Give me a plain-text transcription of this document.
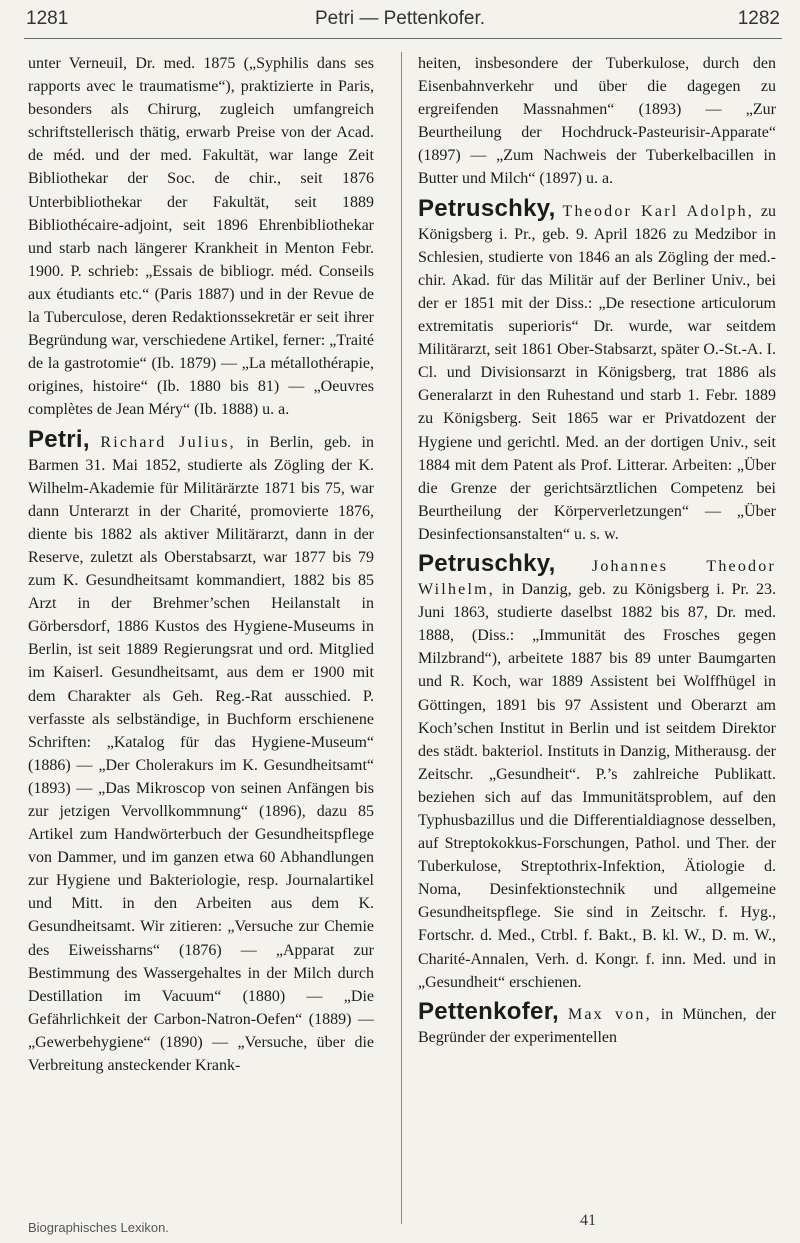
1281	Petri — Pettenkofer.	1282

unter Verneuil, Dr. med. 1875 („Syphilis dans ses rapports avec le traumatisme“), praktizierte in Paris, besonders als Chirurg, zugleich umfangreich schriftstellerisch thätig, erwarb Preise von der Acad. de méd. und der med. Fakultät, war lange Zeit Bibliothekar der Soc. de chir., seit 1876 Unterbibliothekar der Fakultät, seit 1889 Bibliothécaire-adjoint, seit 1896 Ehrenbibliothekar und starb nach längerer Krankheit in Menton Febr. 1900. P. schrieb: „Essais de bibliogr. méd. Conseils aux étudiants etc.“ (Paris 1887) und in der Revue de la Tuberculose, deren Redaktionssekretär er seit ihrer Begründung war, verschiedene Artikel, ferner: „Traité de la gastrotomie“ (Ib. 1879) — „La métallothérapie, origines, histoire“ (Ib. 1880 bis 81) — „Oeuvres complètes de Jean Méry“ (Ib. 1888) u. a.

Petri, Richard Julius, in Berlin, geb. in Barmen 31. Mai 1852, studierte als Zögling der K. Wilhelm-Akademie für Militärärzte 1871 bis 75, war dann Unterarzt in der Charité, promovierte 1876, diente bis 1882 als aktiver Militärarzt, dann in der Reserve, zuletzt als Oberstabsarzt, war 1877 bis 79 zum K. Gesundheitsamt kommandiert, 1882 bis 85 Arzt in der Brehmer’schen Heilanstalt in Görbersdorf, 1886 Kustos des Hygiene-Museums in Berlin, ist seit 1889 Regierungsrat und ord. Mitglied im Kaiserl. Gesundheitsamt, aus dem er 1900 mit dem Charakter als Geh. Reg.-Rat ausschied. P. verfasste als selbständige, in Buchform erschienene Schriften: „Katalog für das Hygiene-Museum“ (1886) — „Der Cholerakurs im K. Gesundheitsamt“ (1893) — „Das Mikroscop von seinen Anfängen bis zur jetzigen Vervollkommnung“ (1896), dazu 85 Artikel zum Handwörterbuch der Gesundheitspflege von Dammer, und im ganzen etwa 60 Abhandlungen zur Hygiene und Bakteriologie, resp. Journalartikel und Mitt. in den Arbeiten aus dem K. Gesundheitsamt. Wir zitieren: „Versuche zur Chemie des Eiweissharns“ (1876) — „Apparat zur Bestimmung des Wassergehaltes in der Milch durch Destillation im Vacuum“ (1880) — „Die Gefährlichkeit der Carbon-Natron-Oefen“ (1889) — „Gewerbehygiene“ (1890) — „Versuche, über die Verbreitung ansteckender Krank-

heiten, insbesondere der Tuberkulose, durch den Eisenbahnverkehr und über die dagegen zu ergreifenden Massnahmen“ (1893) — „Zur Beurtheilung der Hochdruck-Pasteurisir-Apparate“ (1897) — „Zum Nachweis der Tuberkelbacillen in Butter und Milch“ (1897) u. a.

Petruschky, Theodor Karl Adolph, zu Königsberg i. Pr., geb. 9. April 1826 zu Medzibor in Schlesien, studierte von 1846 an als Zögling der med.-chir. Akad. für das Militär auf der Berliner Univ., bei der er 1851 mit der Diss.: „De resectione articulorum extremitatis superioris“ Dr. wurde, war seitdem Militärarzt, seit 1861 Ober-Stabsarzt, später O.-St.-A. I. Cl. und Divisionsarzt in Königsberg, trat 1886 als Generalarzt in den Ruhestand und starb 1. Febr. 1889 zu Königsberg. Seit 1865 war er Privatdozent der Hygiene und gerichtl. Med. an der dortigen Univ., seit 1884 mit dem Patent als Prof. Litterar. Arbeiten: „Über die Grenze der gerichtsärztlichen Competenz bei Beurtheilung der Körperverletzungen“ — „Über Desinfectionsanstalten“ u. s. w.

Petruschky, Johannes Theodor Wilhelm, in Danzig, geb. zu Königsberg i. Pr. 23. Juni 1863, studierte daselbst 1882 bis 87, Dr. med. 1888, (Diss.: „Immunität des Frosches gegen Milzbrand“), arbeitete 1887 bis 89 unter Baumgarten und R. Koch, war 1889 Assistent bei Wolffhügel in Göttingen, 1891 bis 97 Assistent und Oberarzt am Koch’schen Institut in Berlin und ist seitdem Direktor des städt. bakteriol. Instituts in Danzig, Mitherausg. der Zeitschr. „Gesundheit“. P.’s zahlreiche Publikatt. beziehen sich auf das Immunitätsproblem, auf den Typhusbazillus und die Differentialdiagnose desselben, auf Streptokokkus-Forschungen, Pathol. und Ther. der Tuberkulose, Streptothrix-Infektion, Ätiologie d. Noma, Desinfektionstechnik und allgemeine Gesundheitspflege. Sie sind in Zeitschr. f. Hyg., Fortschr. d. Med., Ctrbl. f. Bakt., B. kl. W., D. m. W., Charité-Annalen, Verh. d. Kongr. f. inn. Med. und in „Gesundheit“ erschienen.

Pettenkofer, Max von, in München, der Begründer der experimentellen

Biographisches Lexikon.	41
